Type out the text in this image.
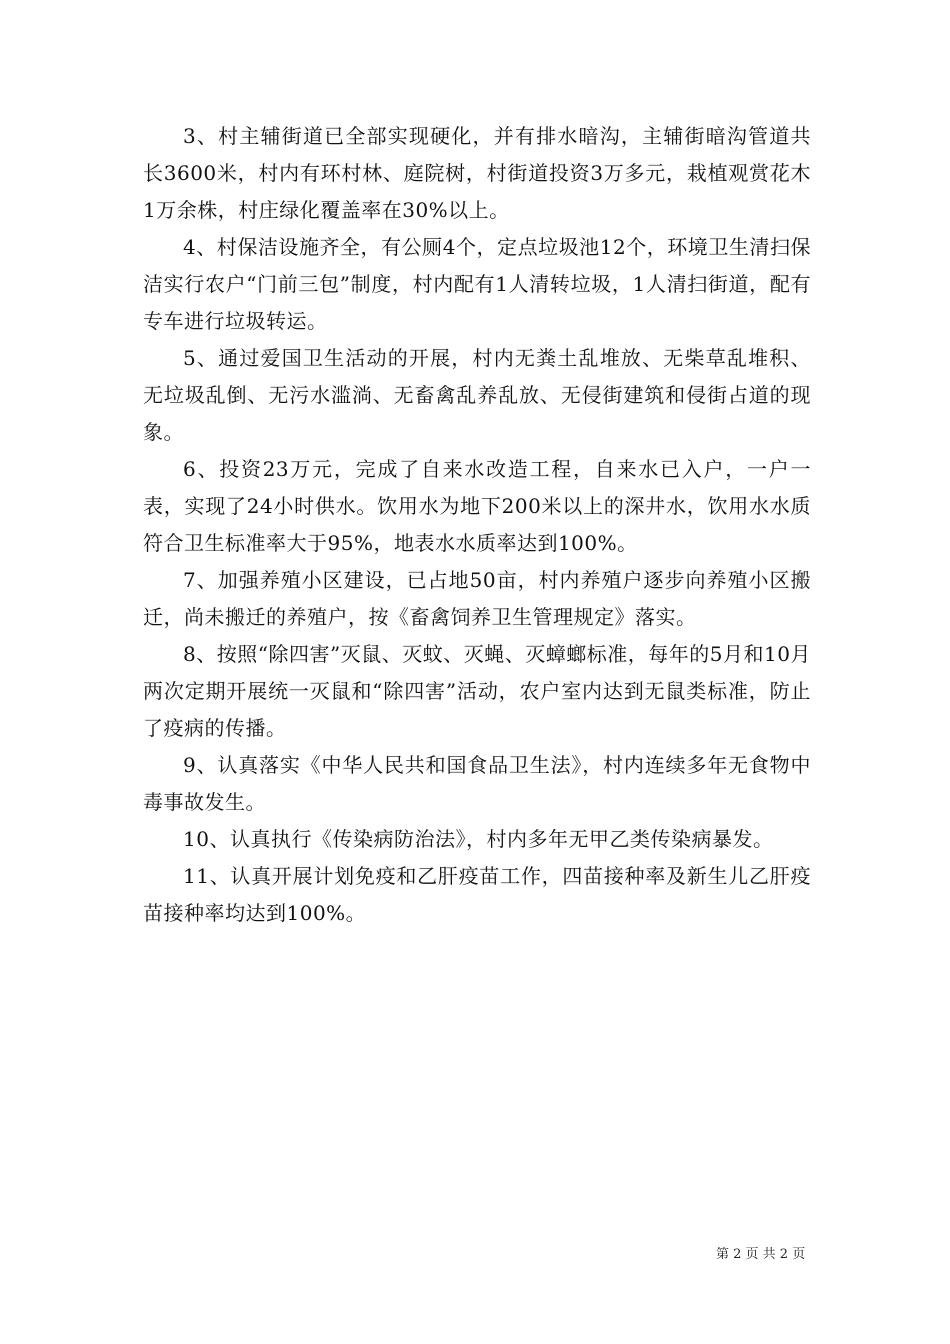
3、村主辅街道已全部实现硬化，并有排水暗沟，主辅街暗沟管道共长3600米，村内有环村林、庭院树，村街道投资3万多元，栽植观赏花木1万余株，村庄绿化覆盖率在30%以上。

4、村保洁设施齐全，有公厕4个，定点垃圾池12个，环境卫生清扫保洁实行农户“门前三包”制度，村内配有1人清转垃圾，1人清扫街道，配有专车进行垃圾转运。

5、通过爱国卫生活动的开展，村内无粪土乱堆放、无柴草乱堆积、无垃圾乱倒、无污水滥淌、无畜禽乱养乱放、无侵街建筑和侵街占道的现象。

6、投资23万元，完成了自来水改造工程，自来水已入户，一户一表，实现了24小时供水。饮用水为地下200米以上的深井水，饮用水水质符合卫生标准率大于95%，地表水水质率达到100%。

7、加强养殖小区建设，已占地50亩，村内养殖户逐步向养殖小区搬迁，尚未搬迁的养殖户，按《畜禽饲养卫生管理规定》落实。

8、按照“除四害”灭鼠、灭蚊、灭蝇、灭蟑螂标准，每年的5月和10月两次定期开展统一灭鼠和“除四害”活动，农户室内达到无鼠类标准，防止了疫病的传播。

9、认真落实《中华人民共和国食品卫生法》，村内连续多年无食物中毒事故发生。

10、认真执行《传染病防治法》，村内多年无甲乙类传染病暴发。

11、认真开展计划免疫和乙肝疫苗工作，四苗接种率及新生儿乙肝疫苗接种率均达到100%。

第 2 页 共 2 页
